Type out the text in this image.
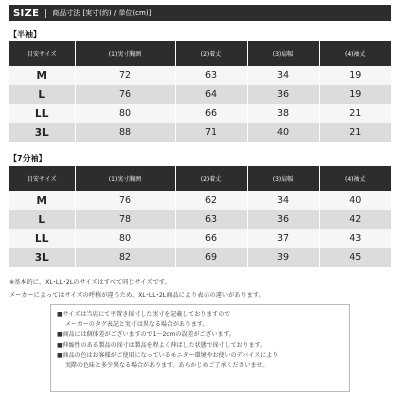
SIZE 商品寸法 [実寸(約) / 単位(cm)]
【半袖】
目安サイズ	(1)実寸胸囲	(2)着丈	(3)肩幅	(4)袖丈
M	72	63	34	19
L	76	64	36	19
LL	80	66	38	21
3L	88	71	40	21
【7分袖】
目安サイズ	(1)実寸胸囲	(2)着丈	(3)肩幅	(4)袖丈
M	76	62	34	40
L	78	63	36	42
LL	80	66	37	43
3L	82	69	39	45
※基本的に、XL･LL･2Lのサイズはすべて同じサイズです。
メーカーによってはサイズの呼称が違うため、XL･LL･2L商品により表示の違いがあります。
■サイズは当店にて平置き採寸した実寸を記載しておりますので
メーカーのタグ表記と実寸は異なる場合があります。
■商品には個体差がございますので1～2cmの誤差がございます。
■伸縮性のある製品の採寸は製品を程よく伸ばした状態で採寸しております。
■商品の色はお客様がご使用になっているモニター環境やお使いのデバイスにより
実際の色味と多少異なる場合があります。あらかじめご了承くださいませ。
